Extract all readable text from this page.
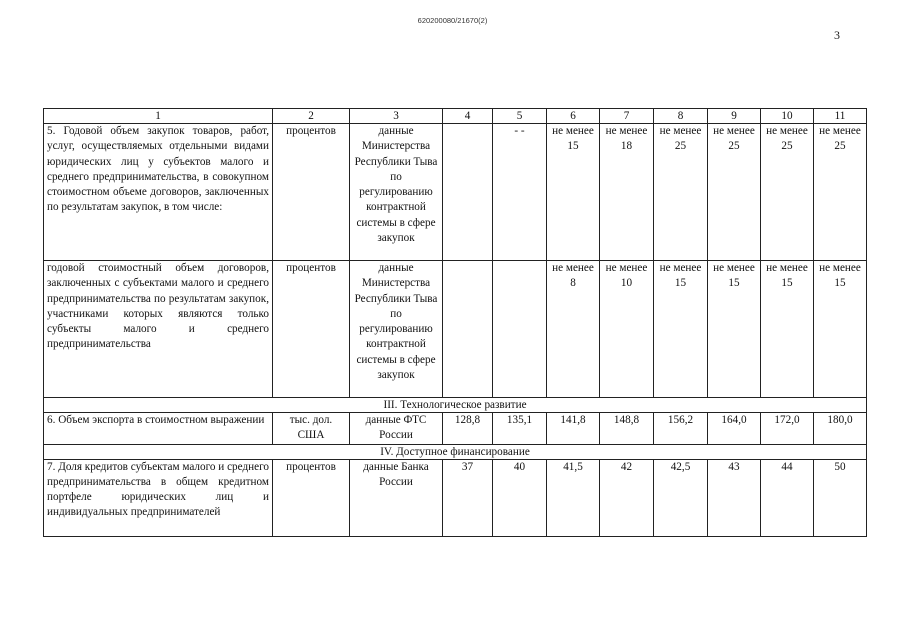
620200080/21670(2)
3
1	2	3	4	5	6	7	8	9	10	11
5. Годовой объем закупок товаров, работ, услуг, осуществляемых отдельными видами юридических лиц у субъектов малого и среднего предпринимательства, в совокупном стоимостном объеме договоров, заключенных по результатам закупок, в том числе:	процентов	данные Министерства Республики Тыва по регулированию контрактной системы в сфере закупок		- -	не менее 15	не менее 18	не менее 25	не менее 25	не менее 25	не менее 25
годовой стоимостный объем договоров, заключенных с субъектами малого и среднего предпринимательства по результатам закупок, участниками которых являются только субъекты малого и среднего предпринимательства	процентов	данные Министерства Республики Тыва по регулированию контрактной системы в сфере закупок			не менее 8	не менее 10	не менее 15	не менее 15	не менее 15	не менее 15
III. Технологическое развитие										
6. Объем экспорта в стоимостном выражении	тыс. дол. США	данные ФТС России	128,8	135,1	141,8	148,8	156,2	164,0	172,0	180,0
IV. Доступное финансирование										
7. Доля кредитов субъектам малого и среднего предпринимательства в общем кредитном портфеле юридических лиц и индивидуальных предпринимателей	процентов	данные Банка России	37	40	41,5	42	42,5	43	44	50
